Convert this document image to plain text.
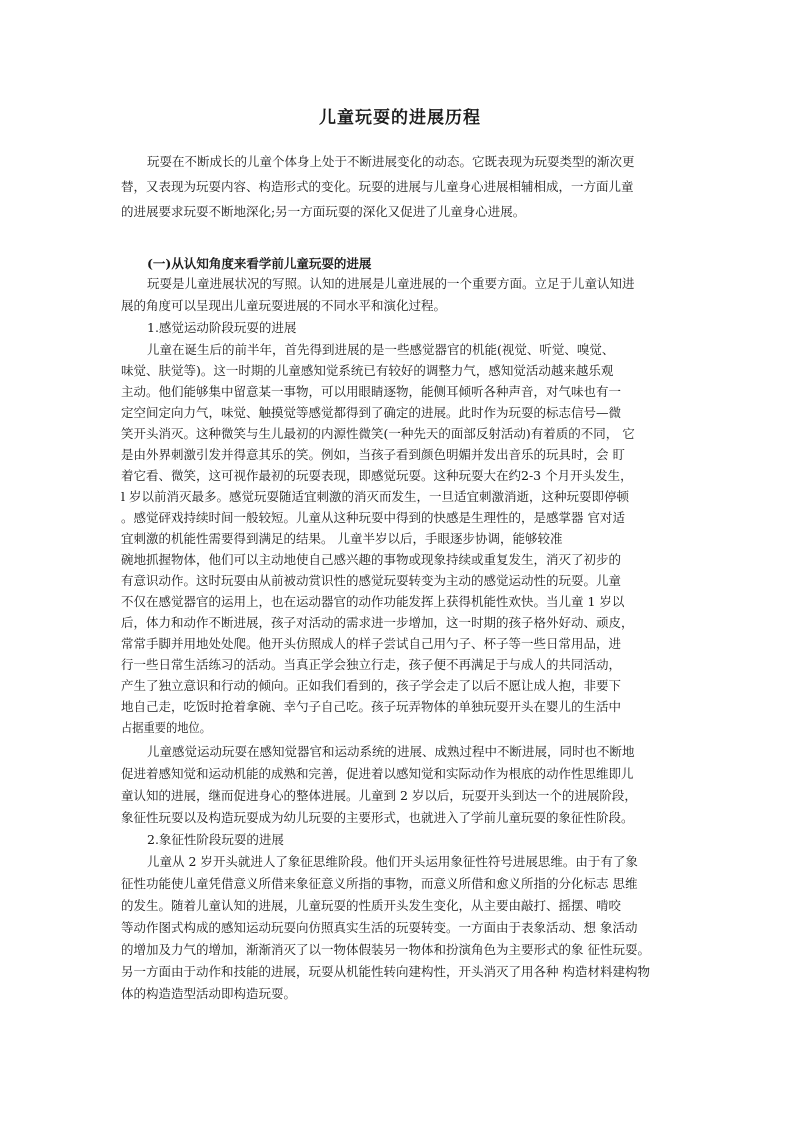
儿童玩耍的进展历程
玩耍在不断成长的儿童个体身上处于不断进展变化的动态。它既表现为玩耍类型的渐次更
替，又表现为玩耍内容、构造形式的变化。玩耍的进展与儿童身心进展相辅相成，一方面儿童
的进展要求玩耍不断地深化;另一方面玩耍的深化又促进了儿童身心进展。
(一)从认知角度来看学前儿童玩耍的进展
玩耍是儿童进展状况的写照。认知的进展是儿童进展的一个重要方面。立足于儿童认知进
展的角度可以呈现出儿童玩耍进展的不同水平和演化过程。
1.感觉运动阶段玩耍的进展
儿童在诞生后的前半年，首先得到进展的是一些感觉器官的机能(视觉、听觉、嗅觉、
味觉、肤觉等)。这一时期的儿童感知觉系统已有较好的调整力气，感知觉活动越来越乐观
主动。他们能够集中留意某一事物，可以用眼睛逐物，能侧耳倾听各种声音，对气味也有一
定空间定向力气，味觉、触摸觉等感觉都得到了确定的进展。此时作为玩耍的标志信号—微
笑开头消灭。这种微笑与生儿最初的内源性微笑(一种先天的面部反射活动)有着质的不同， 它
是由外界刺激引发并得意其乐的笑。例如，当孩子看到颜色明媚并发出音乐的玩具时，会 盯
着它看、微笑，这可视作最初的玩耍表现，即感觉玩耍。这种玩耍大在约2-3 个月开头发生，
l 岁以前消灭最多。感觉玩耍随适宜刺激的消灭而发生，一旦适宜刺激消逝，这种玩耍即停顿
。感觉砰戏持续时间一般较短。儿童从这种玩耍中得到的快感是生理性的，是感掌器 官对适
宜刺激的机能性需要得到满足的结果。 儿童半岁以后，手眼逐步协调，能够较准
碗地抓握物体，他们可以主动地使自己感兴趣的事物或现象持续或重复发生，消灭了初步的
有意识动作。这时玩耍由从前被动赏识性的感觉玩耍转变为主动的感觉运动性的玩耍。儿童
不仅在感觉器官的运用上，也在运动器官的动作功能发挥上获得机能性欢快。当儿童 1 岁以
后，体力和动作不断进展，孩子对活动的需求进一步增加，这一时期的孩子格外好动、顽皮，
常常手脚并用地处处爬。他开头仿照成人的样子尝试自己用勺子、杯子等一些日常用品，进
行一些日常生活练习的活动。当真正学会独立行走，孩子便不再满足于与成人的共同活动，
产生了独立意识和行动的倾向。正如我们看到的，孩子学会走了以后不愿让成人抱，非要下
地自己走，吃饭时抢着拿碗、幸勺子自己吃。孩子玩弄物体的单独玩耍开头在婴儿的生活中
占据重要的地位。
儿童感觉运动玩耍在感知觉器官和运动系统的进展、成熟过程中不断进展，同时也不断地
促进着感知觉和运动机能的成熟和完善，促进着以感知觉和实际动作为根底的动作性思维即儿
童认知的进展，继而促进身心的整体进展。儿童到 2 岁以后，玩耍开头到达一个的进展阶段，
象征性玩耍以及构造玩耍成为幼儿玩耍的主要形式，也就进入了学前儿童玩耍的象征性阶段。
2.象征性阶段玩耍的进展
儿童从 2 岁开头就进人了象征思维阶段。他们开头运用象征性符号进展思维。由于有了象
征性功能使儿童凭借意义所借来象征意义所指的事物，而意义所借和愈义所指的分化标志 思维
的发生。随着儿童认知的进展，儿童玩耍的性质开头发生变化，从主要由敲打、摇摆、啃咬
等动作图式构成的感知运动玩耍向仿照真实生活的玩耍转变。一方面由于表象活动、想 象活动
的增加及力气的增加，渐渐消灭了以一物体假装另一物体和扮演角色为主要形式的象 征性玩耍。
另一方面由于动作和技能的进展，玩耍从机能性转向建构性，开头消灭了用各种 构造材料建构物
体的构造造型活动即构造玩耍。
